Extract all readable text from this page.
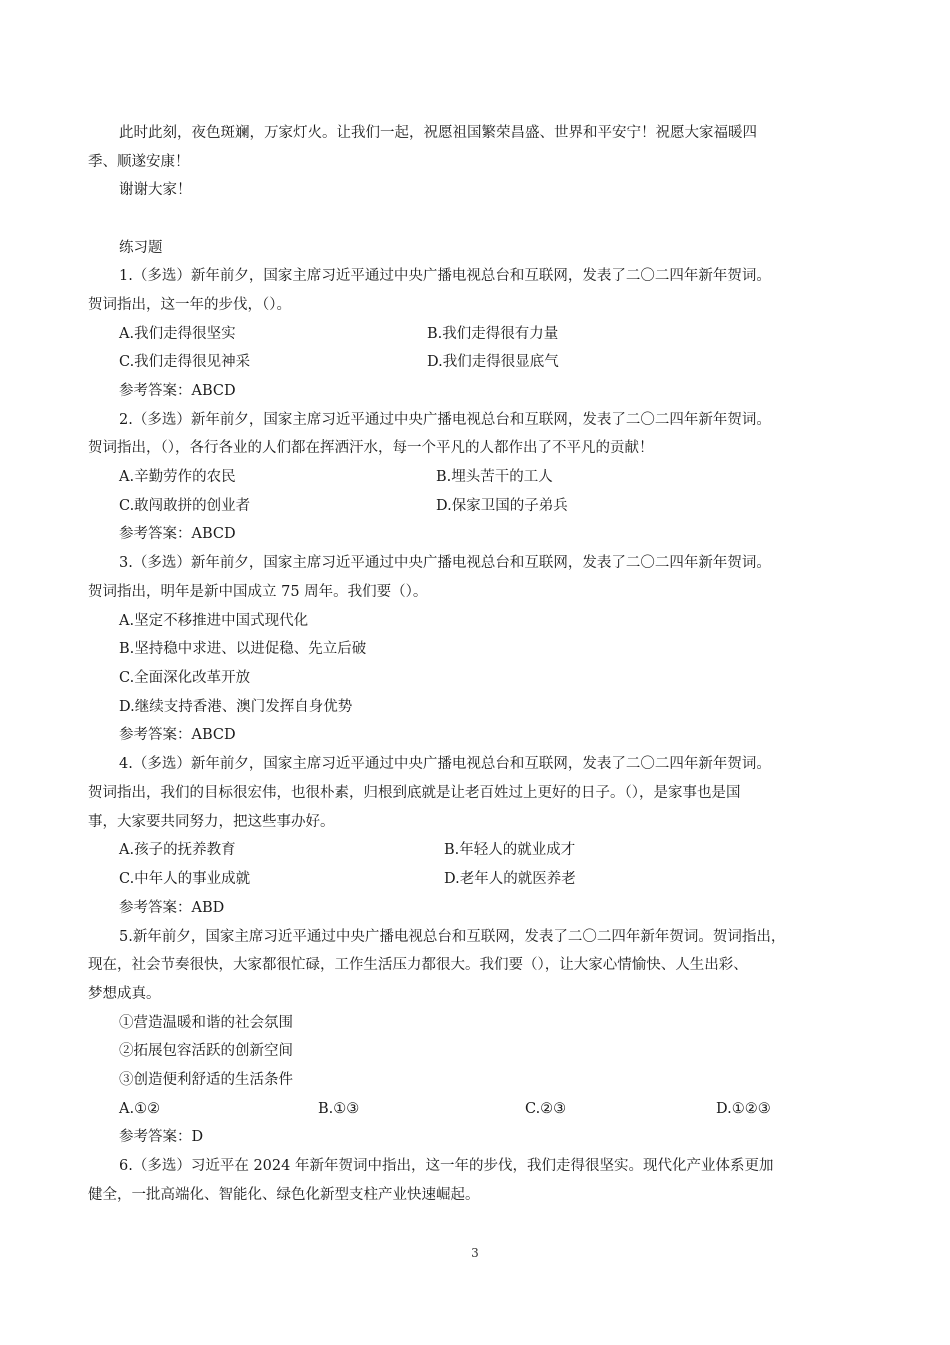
此时此刻，夜色斑斓，万家灯火。让我们一起，祝愿祖国繁荣昌盛、世界和平安宁！祝愿大家福暖四
季、顺遂安康！
谢谢大家！
练习题
1.（多选）新年前夕，国家主席习近平通过中央广播电视总台和互联网，发表了二〇二四年新年贺词。
贺词指出，这一年的步伐，（）。
A.我们走得很坚实	B.我们走得很有力量
C.我们走得很见神采	D.我们走得很显底气
参考答案：ABCD
2.（多选）新年前夕，国家主席习近平通过中央广播电视总台和互联网，发表了二〇二四年新年贺词。
贺词指出，（），各行各业的人们都在挥洒汗水，每一个平凡的人都作出了不平凡的贡献！
A.辛勤劳作的农民	B.埋头苦干的工人
C.敢闯敢拼的创业者	D.保家卫国的子弟兵
参考答案：ABCD
3.（多选）新年前夕，国家主席习近平通过中央广播电视总台和互联网，发表了二〇二四年新年贺词。
贺词指出，明年是新中国成立 75 周年。我们要（）。
A.坚定不移推进中国式现代化
B.坚持稳中求进、以进促稳、先立后破
C.全面深化改革开放
D.继续支持香港、澳门发挥自身优势
参考答案：ABCD
4.（多选）新年前夕，国家主席习近平通过中央广播电视总台和互联网，发表了二〇二四年新年贺词。
贺词指出，我们的目标很宏伟，也很朴素，归根到底就是让老百姓过上更好的日子。（），是家事也是国
事，大家要共同努力，把这些事办好。
A.孩子的抚养教育	B.年轻人的就业成才
C.中年人的事业成就	D.老年人的就医养老
参考答案：ABD
5.新年前夕，国家主席习近平通过中央广播电视总台和互联网，发表了二〇二四年新年贺词。贺词指出，
现在，社会节奏很快，大家都很忙碌，工作生活压力都很大。我们要（），让大家心情愉快、人生出彩、
梦想成真。
①营造温暖和谐的社会氛围
②拓展包容活跃的创新空间
③创造便利舒适的生活条件
A.①②	B.①③	C.②③	D.①②③
参考答案：D
6.（多选）习近平在 2024 年新年贺词中指出，这一年的步伐，我们走得很坚实。现代化产业体系更加
健全，一批高端化、智能化、绿色化新型支柱产业快速崛起。
3
